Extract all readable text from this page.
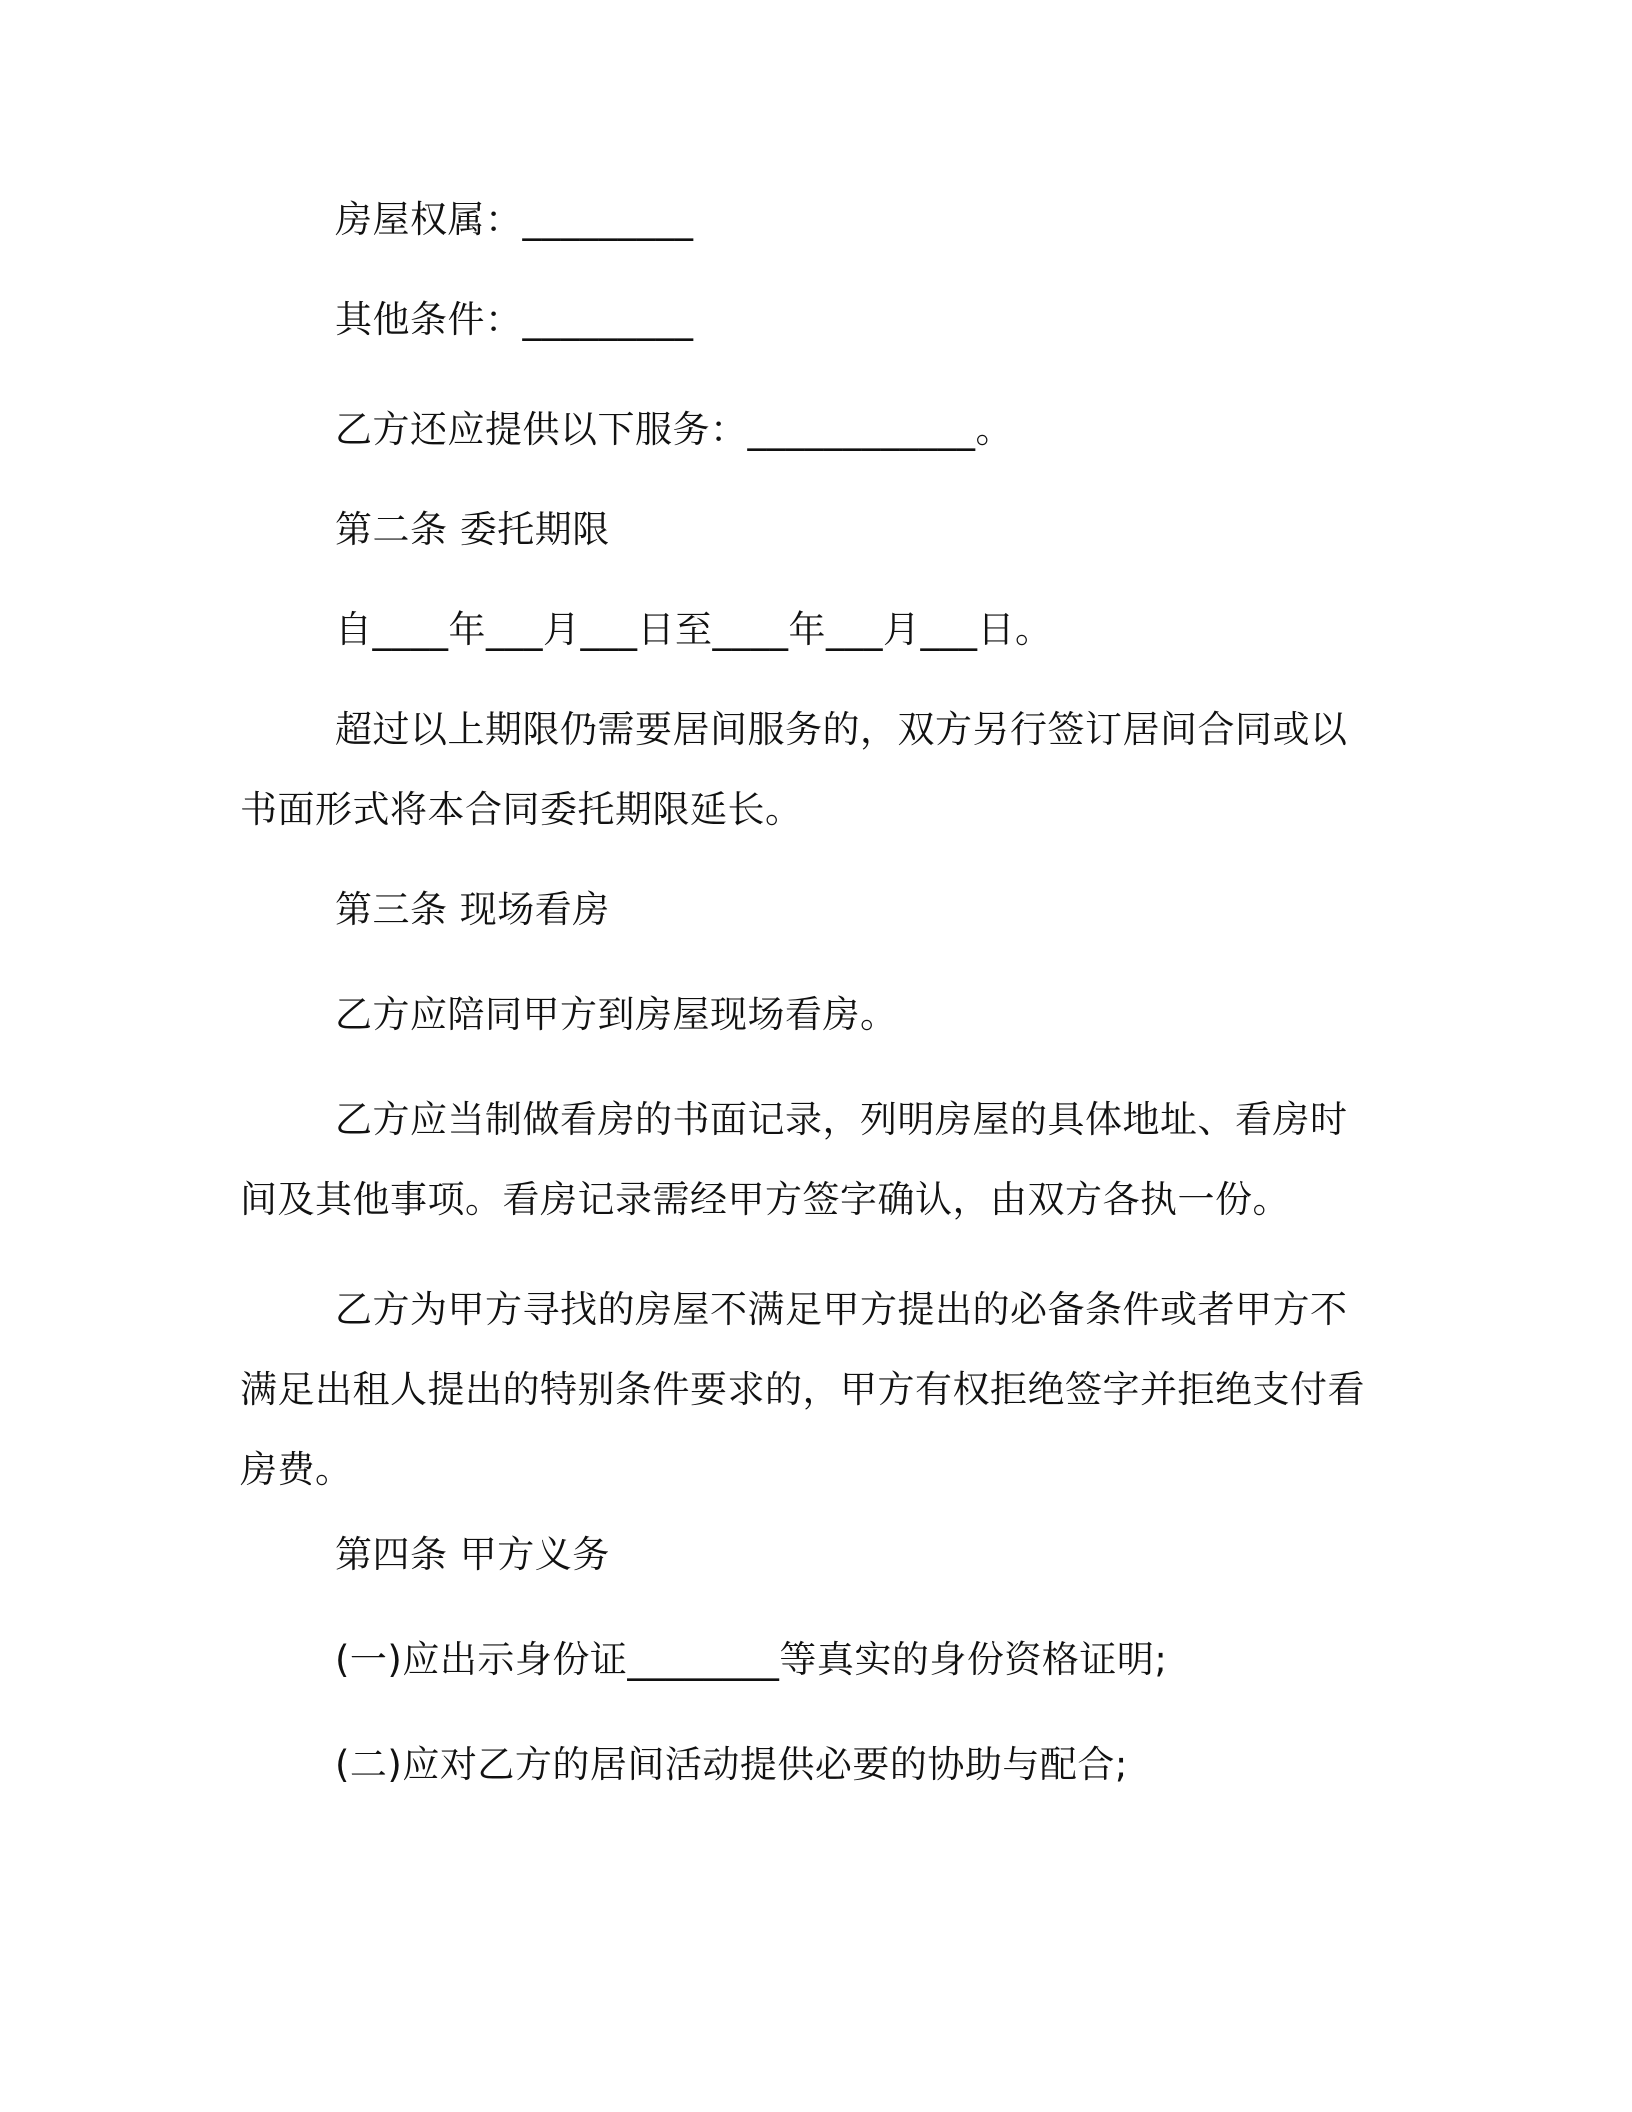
房屋权属：_________
其他条件：_________
乙方还应提供以下服务：____________。
第二条 委托期限
自____年___月___日至____年___月___日。
超过以上期限仍需要居间服务的，双方另行签订居间合同或以书面形式将本合同委托期限延长。
第三条 现场看房
乙方应陪同甲方到房屋现场看房。
乙方应当制做看房的书面记录，列明房屋的具体地址、看房时间及其他事项。看房记录需经甲方签字确认，由双方各执一份。
乙方为甲方寻找的房屋不满足甲方提出的必备条件或者甲方不满足出租人提出的特别条件要求的，甲方有权拒绝签字并拒绝支付看房费。
第四条 甲方义务
(一)应出示身份证________等真实的身份资格证明;
(二)应对乙方的居间活动提供必要的协助与配合;
